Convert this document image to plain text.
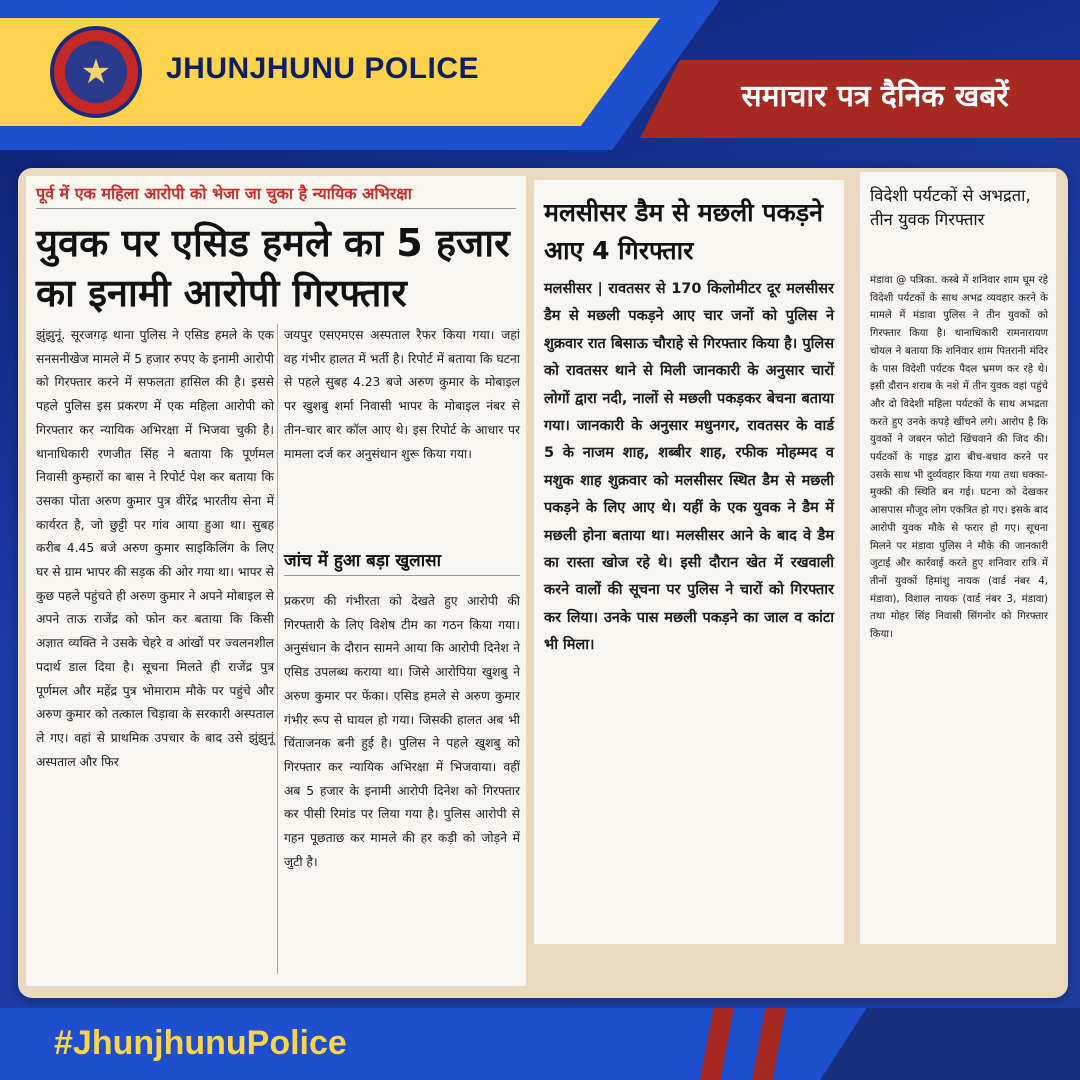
★ JHUNJHUNU POLICE
समाचार पत्र दैनिक खबरें
पूर्व में एक महिला आरोपी को भेजा जा चुका है न्यायिक अभिरक्षा
युवक पर एसिड हमले का 5 हजार का इनामी आरोपी गिरफ्तार
झुंझुनूं. सूरजगढ़ थाना पुलिस ने एसिड हमले के एक सनसनीखेज मामले में 5 हजार रुपए के इनामी आरोपी को गिरफ्तार करने में सफलता हासिल की है। इससे पहले पुलिस इस प्रकरण में एक महिला आरोपी को गिरफ्तार कर न्यायिक अभिरक्षा में भिजवा चुकी है। थानाधिकारी रणजीत सिंह ने बताया कि पूर्णमल निवासी कुम्हारों का बास ने रिपोर्ट पेश कर बताया कि उसका पोता अरुण कुमार पुत्र वीरेंद्र भारतीय सेना में कार्यरत है, जो छुट्टी पर गांव आया हुआ था। सुबह करीब 4.45 बजे अरुण कुमार साइकिलिंग के लिए घर से ग्राम भापर की सड़क की ओर गया था। भापर से कुछ पहले पहुंचते ही अरुण कुमार ने अपने मोबाइल से अपने ताऊ राजेंद्र को फोन कर बताया कि किसी अज्ञात व्यक्ति ने उसके चेहरे व आंखों पर ज्वलनशील पदार्थ डाल दिया है। सूचना मिलते ही राजेंद्र पुत्र पूर्णमल और महेंद्र पुत्र भोमाराम मौके पर पहुंचे और अरुण कुमार को तत्काल चिड़ावा के सरकारी अस्पताल ले गए। वहां से प्राथमिक उपचार के बाद उसे झुंझुनूं अस्पताल और फिर
जयपुर एसएमएस अस्पताल रैफर किया गया। जहां वह गंभीर हालत में भर्ती है। रिपोर्ट में बताया कि घटना से पहले सुबह 4.23 बजे अरुण कुमार के मोबाइल पर खुशबु शर्मा निवासी भापर के मोबाइल नंबर से तीन-चार बार कॉल आए थे। इस रिपोर्ट के आधार पर मामला दर्ज कर अनुसंधान शुरू किया गया।
जांच में हुआ बड़ा खुलासा
प्रकरण की गंभीरता को देखते हुए आरोपी की गिरफ्तारी के लिए विशेष टीम का गठन किया गया। अनुसंधान के दौरान सामने आया कि आरोपी दिनेश ने एसिड उपलब्ध कराया था। जिसे आरोपिया खुशबु ने अरुण कुमार पर फेंका। एसिड हमले से अरुण कुमार गंभीर रूप से घायल हो गया। जिसकी हालत अब भी चिंताजनक बनी हुई है। पुलिस ने पहले खुशबु को गिरफ्तार कर न्यायिक अभिरक्षा में भिजवाया। वहीं अब 5 हजार के इनामी आरोपी दिनेश को गिरफ्तार कर पीसी रिमांड पर लिया गया है। पुलिस आरोपी से गहन पूछताछ कर मामले की हर कड़ी को जोड़ने में जुटी है।
मलसीसर डैम से मछली पकड़ने आए 4 गिरफ्तार
मलसीसर | रावतसर से 170 किलोमीटर दूर मलसीसर डैम से मछली पकड़ने आए चार जनों को पुलिस ने शुक्रवार रात बिसाऊ चौराहे से गिरफ्तार किया है। पुलिस को रावतसर थाने से मिली जानकारी के अनुसार चारों लोगों द्वारा नदी, नालों से मछली पकड़कर बेचना बताया गया। जानकारी के अनुसार मधुनगर, रावतसर के वार्ड 5 के नाजम शाह, शब्बीर शाह, रफीक मोहम्मद व मशुक शाह शुक्रवार को मलसीसर स्थित डैम से मछली पकड़ने के लिए आए थे। यहीं के एक युवक ने डैम में मछली होना बताया था। मलसीसर आने के बाद वे डैम का रास्ता खोज रहे थे। इसी दौरान खेत में रखवाली करने वालों की सूचना पर पुलिस ने चारों को गिरफ्तार कर लिया। उनके पास मछली पकड़ने का जाल व कांटा भी मिला।
विदेशी पर्यटकों से अभद्रता, तीन युवक गिरफ्तार
मंडावा @ पत्रिका. कस्बे में शनिवार शाम घूम रहे विदेशी पर्यटकों के साथ अभद्र व्यवहार करने के मामले में मंडावा पुलिस ने तीन युवकों को गिरफ्तार किया है। थानाधिकारी रामनारायण चोयल ने बताया कि शनिवार शाम पितरानी मंदिर के पास विदेशी पर्यटक पैदल भ्रमण कर रहे थे। इसी दौरान शराब के नशे में तीन युवक वहां पहुंचे और दो विदेशी महिला पर्यटकों के साथ अभद्रता करते हुए उनके कपड़े खींचने लगे। आरोप है कि युवकों ने जबरन फोटो खिंचवाने की जिद की। पर्यटकों के गाइड द्वारा बीच-बचाव करने पर उसके साथ भी दुर्व्यवहार किया गया तथा धक्का-मुक्की की स्थिति बन गई। घटना को देखकर आसपास मौजूद लोग एकत्रित हो गए। इसके बाद आरोपी युवक मौके से फरार हो गए। सूचना मिलने पर मंडावा पुलिस ने मौके की जानकारी जुटाई और कार्रवाई करते हुए शनिवार रात्रि में तीनों युवकों हिमांशु नायक (वार्ड नंबर 4, मंडावा), विशाल नायक (वार्ड नंबर 3, मंडावा) तथा मोहर सिंह निवासी सिंगनोर को गिरफ्तार किया।
#JhunjhunuPolice
